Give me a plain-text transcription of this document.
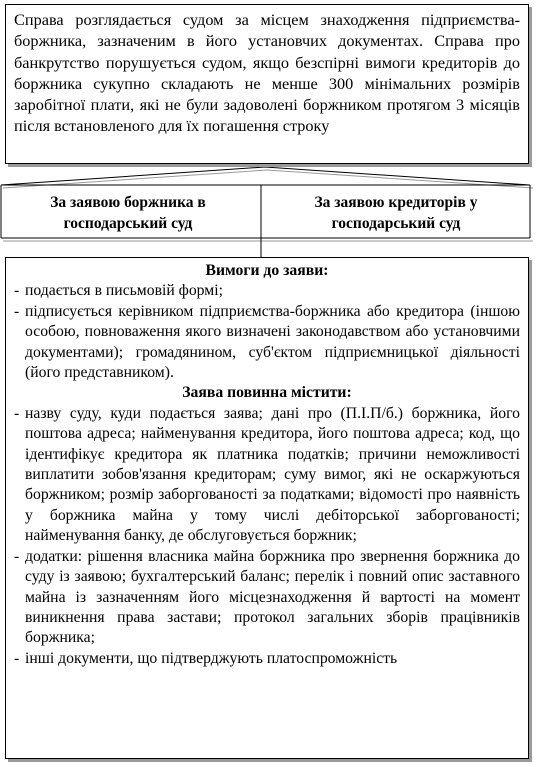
Справа розглядається судом за місцем знаходження підприємства-боржника, зазначеним в його установчих документах. Справа про банкрутство порушується судом, якщо безспірні вимоги кредиторів до боржника сукупно складають не менше 300 мінімальних розмірів заробітної плати, які не були задоволені боржником протягом 3 місяців після встановленого для їх погашення строку

За заявою боржника в господарський суд
За заявою кредиторів у господарський суд

Вимоги до заяви:

- подається в письмовій формі;
- підписується керівником підприємства-боржника або кредитора (іншою особою, повноваження якого визначені законодавством або установчими документами); громадянином, суб'єктом підприємницької діяльності (його представником).

Заява повинна містити:

- назву суду, куди подається заява; дані про (П.І.П/б.) боржника, його поштова адреса; найменування кредитора, його поштова адреса; код, що ідентифікує кредитора як платника податків; причини неможливості виплатити зобов'язання кредиторам; суму вимог, які не оскаржуються боржником; розмір заборгованості за податками; відомості про наявність у боржника майна у тому числі дебіторської заборгованості; найменування банку, де обслуговується боржник;
- додатки: рішення власника майна боржника про звернення боржника до суду із заявою; бухгалтерський баланс; перелік і повний опис заставного майна із зазначенням його місцезнаходження й вартості на момент виникнення права застави; протокол загальних зборів працівників боржника;
- інші документи, що підтверджують платоспроможність
